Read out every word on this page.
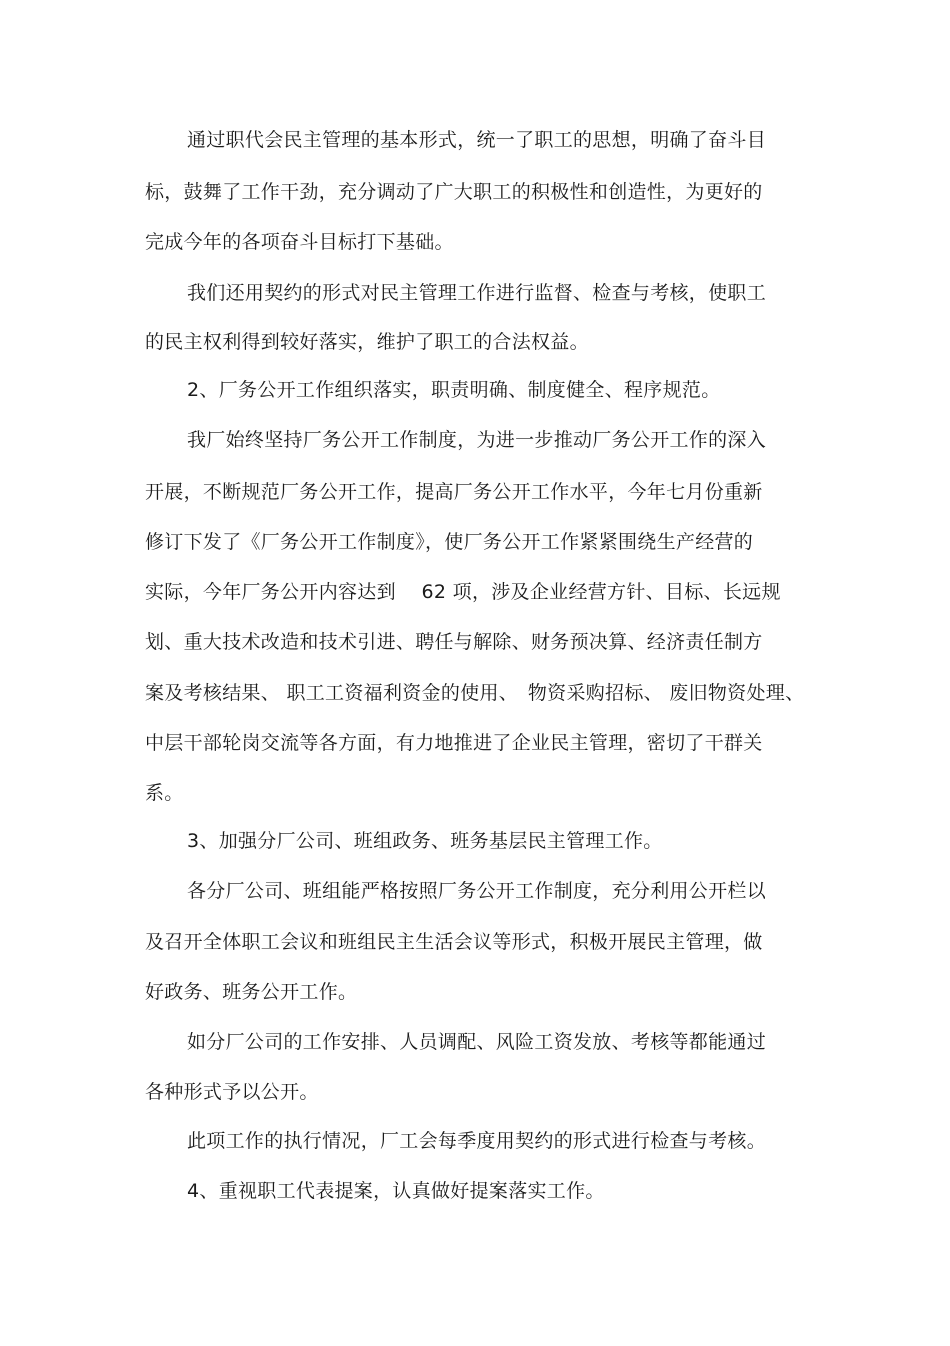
通过职代会民主管理的基本形式，统一了职工的思想，明确了奋斗目
标，鼓舞了工作干劲，充分调动了广大职工的积极性和创造性，为更好的
完成今年的各项奋斗目标打下基础。
我们还用契约的形式对民主管理工作进行监督、检查与考核，使职工
的民主权利得到较好落实，维护了职工的合法权益。
2、厂务公开工作组织落实，职责明确、制度健全、程序规范。
我厂始终坚持厂务公开工作制度，为进一步推动厂务公开工作的深入
开展，不断规范厂务公开工作，提高厂务公开工作水平，今年七月份重新
修订下发了《厂务公开工作制度》，使厂务公开工作紧紧围绕生产经营的
实际，今年厂务公开内容达到　 62 项，涉及企业经营方针、目标、长远规
划、重大技术改造和技术引进、聘任与解除、财务预决算、经济责任制方
案及考核结果、 职工工资福利资金的使用、　物资采购招标、 废旧物资处理、
中层干部轮岗交流等各方面，有力地推进了企业民主管理，密切了干群关
系。
3、加强分厂公司、班组政务、班务基层民主管理工作。
各分厂公司、班组能严格按照厂务公开工作制度，充分利用公开栏以
及召开全体职工会议和班组民主生活会议等形式，积极开展民主管理，做
好政务、班务公开工作。
如分厂公司的工作安排、人员调配、风险工资发放、考核等都能通过
各种形式予以公开。
此项工作的执行情况，厂工会每季度用契约的形式进行检查与考核。
4、重视职工代表提案，认真做好提案落实工作。
